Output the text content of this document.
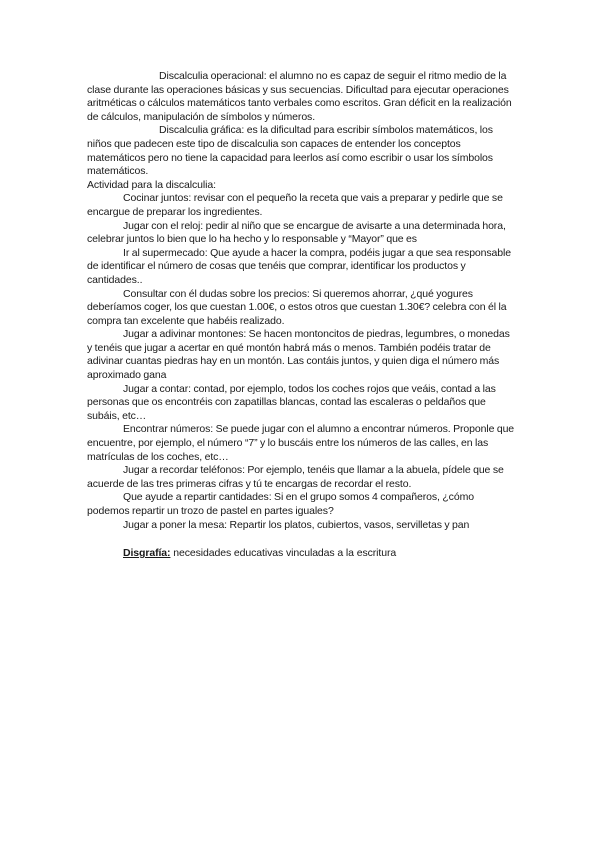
Discalculia operacional: el alumno no es capaz de seguir el ritmo medio de la clase durante las operaciones básicas y sus secuencias. Dificultad para ejecutar operaciones aritméticas o cálculos matemáticos tanto verbales como escritos. Gran déficit en la realización de cálculos, manipulación de símbolos y números.

Discalculia gráfica: es la dificultad para escribir símbolos matemáticos, los niños que padecen este tipo de discalculia son capaces de entender los conceptos matemáticos pero no tiene la capacidad para leerlos así como escribir o usar los símbolos matemáticos.

Actividad para la discalculia:

Cocinar juntos: revisar con el pequeño la receta que vais a preparar y pedirle que se encargue de preparar los ingredientes.

Jugar con el reloj: pedir al niño que se encargue de avisarte a una determinada hora, celebrar juntos lo bien que lo ha hecho y lo responsable y “Mayor” que es

Ir al supermecado: Que ayude a hacer la compra, podéis jugar a que sea responsable de identificar el número de cosas que tenéis que comprar, identificar los productos y cantidades..

Consultar con él dudas sobre los precios: Si queremos ahorrar, ¿qué yogures deberíamos coger, los que cuestan 1.00€, o estos otros que cuestan 1.30€? celebra con él la compra tan excelente que habéis realizado.

Jugar a adivinar montones: Se hacen montoncitos de piedras, legumbres, o monedas y tenéis que jugar a acertar en qué montón habrá más o menos. También podéis tratar de adivinar cuantas piedras hay en un montón. Las contáis juntos, y quien diga el número más aproximado gana

Jugar a contar: contad, por ejemplo, todos los coches rojos que veáis, contad a las personas que os encontréis con zapatillas blancas, contad las escaleras o peldaños que subáis, etc…

Encontrar números: Se puede jugar con el alumno a encontrar números. Proponle que encuentre, por ejemplo, el número “7” y lo buscáis entre los números de las calles, en las matrículas de los coches, etc…

Jugar a recordar teléfonos: Por ejemplo, tenéis que llamar a la abuela, pídele que se acuerde de las tres primeras cifras y tú te encargas de recordar el resto.

Que ayude a repartir cantidades: Si en el grupo somos 4 compañeros, ¿cómo podemos repartir un trozo de pastel en partes iguales?

Jugar a poner la mesa: Repartir los platos, cubiertos, vasos, servilletas y pan

Disgrafía: necesidades educativas vinculadas a la escritura
